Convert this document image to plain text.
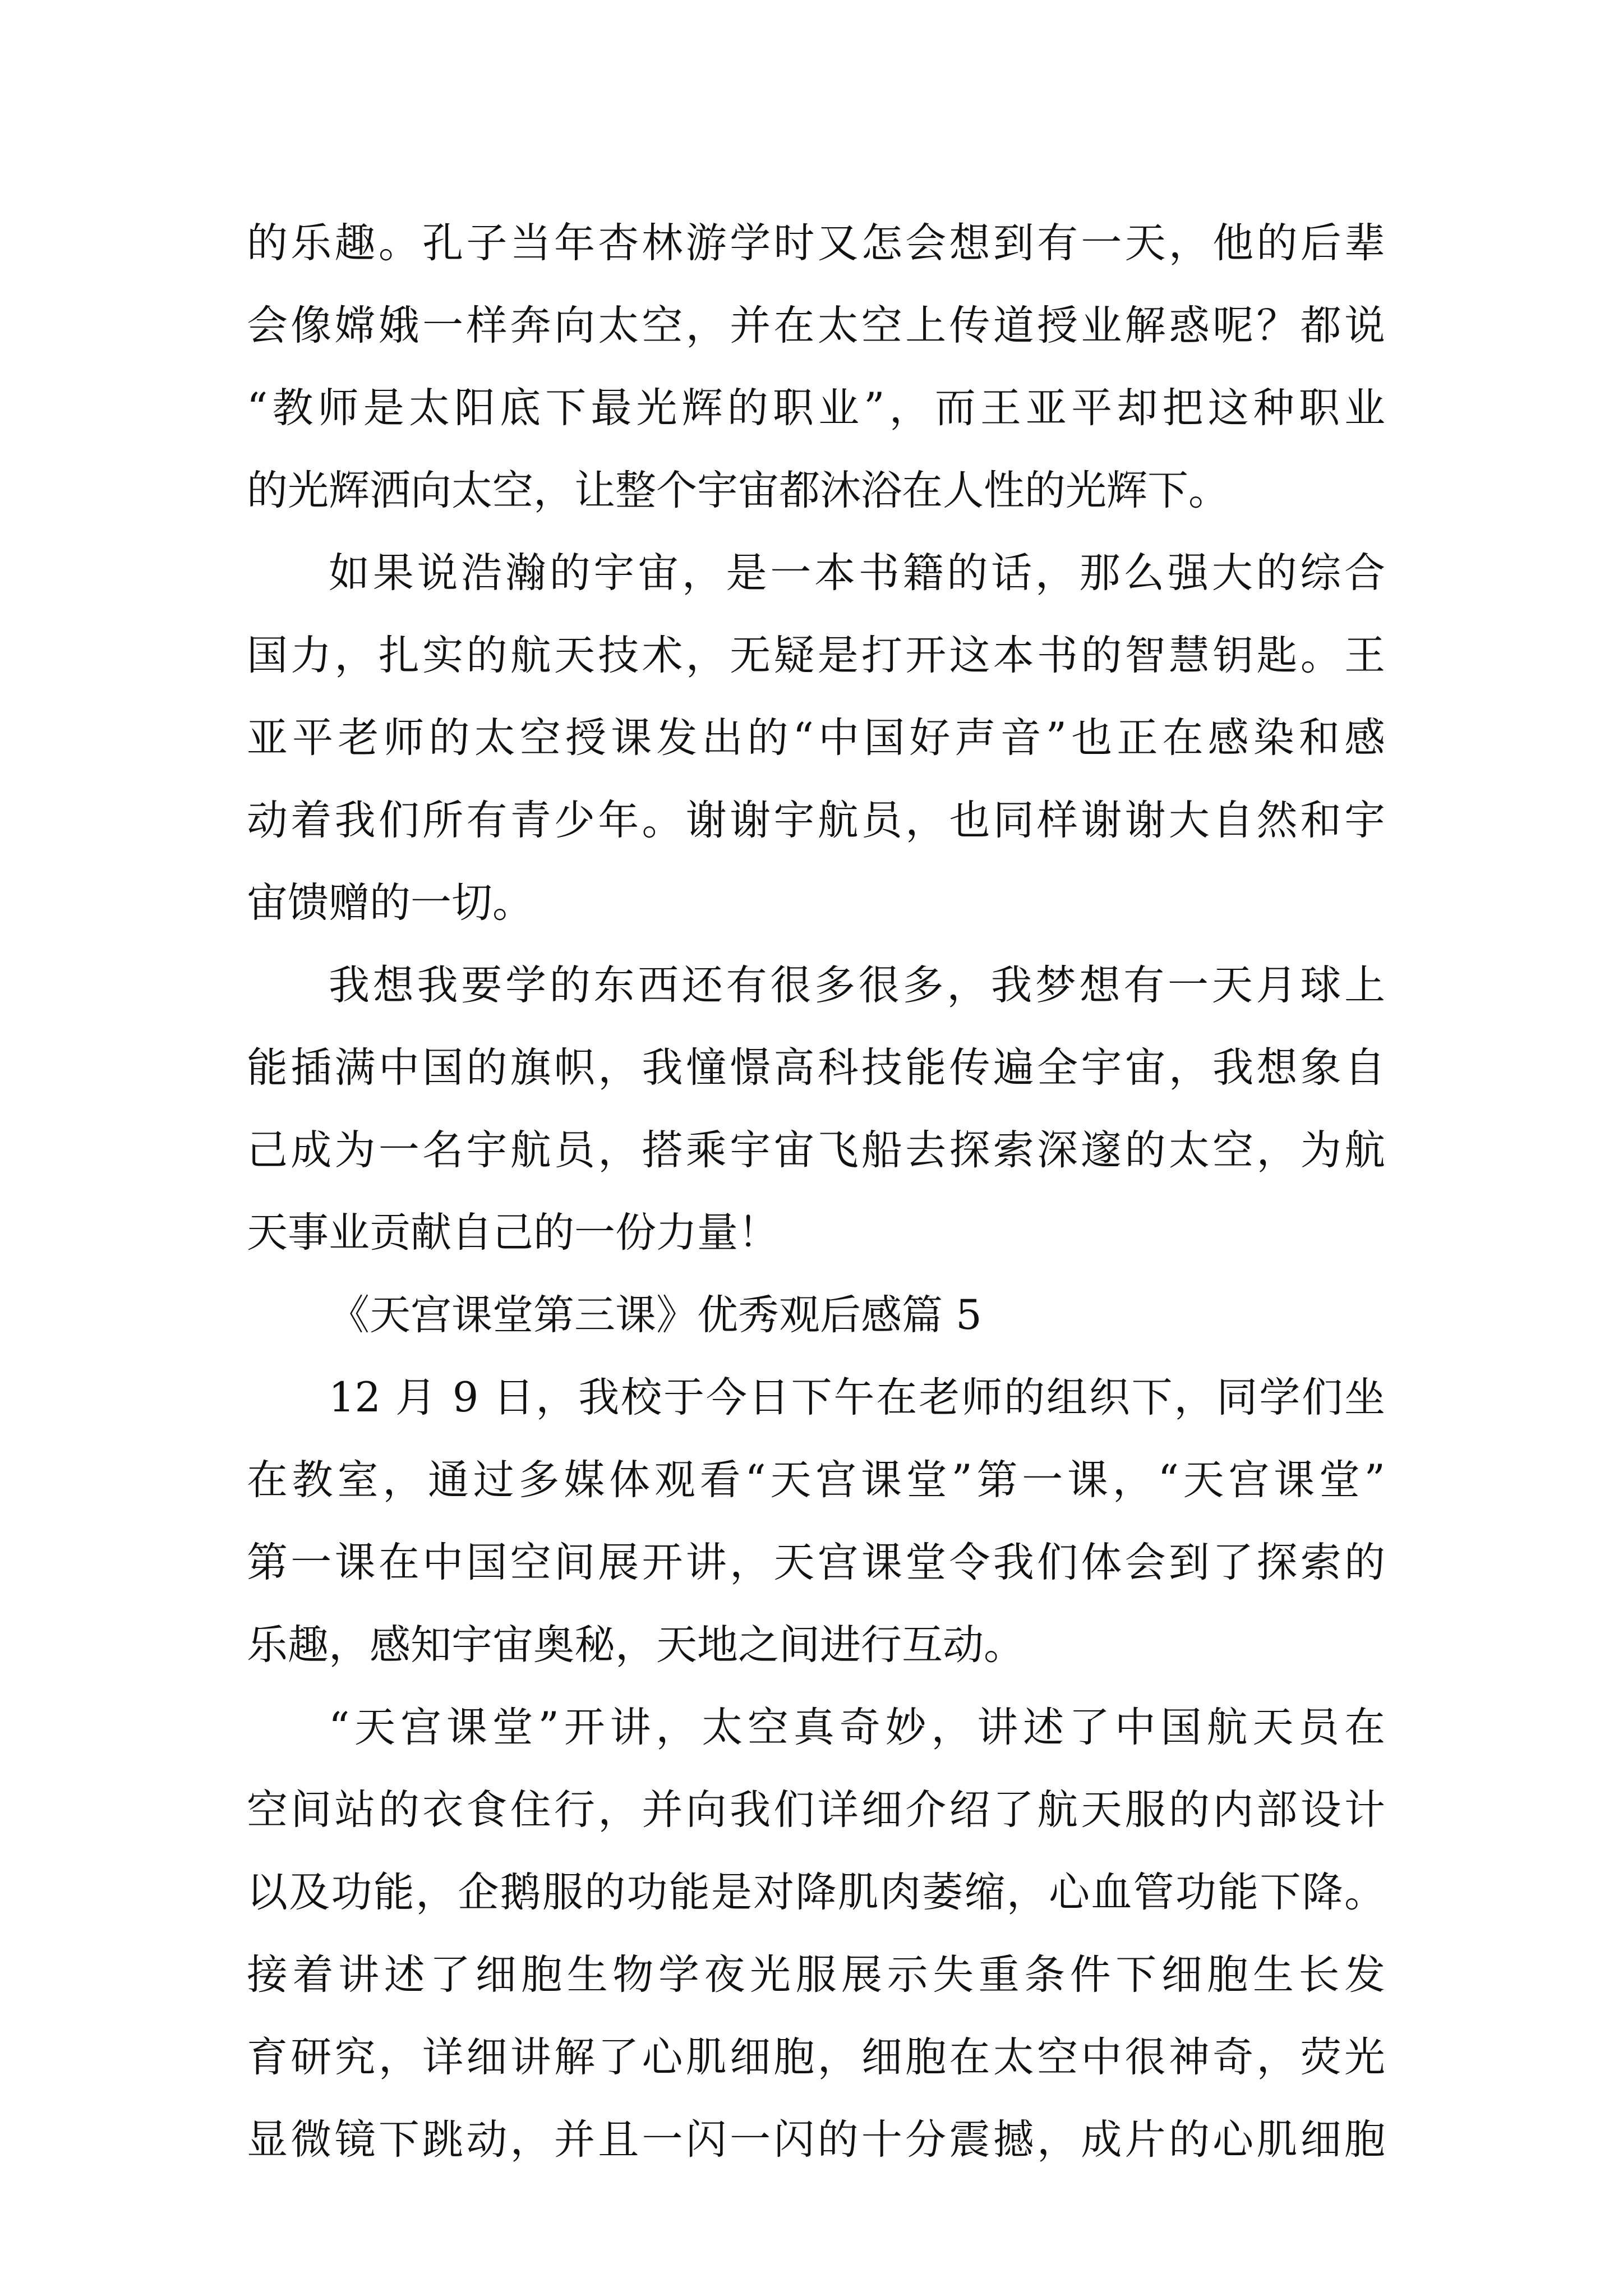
的乐趣。孔子当年杏林游学时又怎会想到有一天，他的后辈
会像嫦娥一样奔向太空，并在太空上传道授业解惑呢？都说
“教师是太阳底下最光辉的职业”，而王亚平却把这种职业
的光辉洒向太空，让整个宇宙都沐浴在人性的光辉下。
如果说浩瀚的宇宙，是一本书籍的话，那么强大的综合
国力，扎实的航天技术，无疑是打开这本书的智慧钥匙。王
亚平老师的太空授课发出的“中国好声音”也正在感染和感
动着我们所有青少年。谢谢宇航员，也同样谢谢大自然和宇
宙馈赠的一切。
我想我要学的东西还有很多很多，我梦想有一天月球上
能插满中国的旗帜，我憧憬高科技能传遍全宇宙，我想象自
己成为一名宇航员，搭乘宇宙飞船去探索深邃的太空，为航
天事业贡献自己的一份力量！
《天宫课堂第三课》优秀观后感篇 5
12 月 9 日，我校于今日下午在老师的组织下，同学们坐
在教室，通过多媒体观看“天宫课堂”第一课，“天宫课堂”
第一课在中国空间展开讲，天宫课堂令我们体会到了探索的
乐趣，感知宇宙奥秘，天地之间进行互动。
“天宫课堂”开讲，太空真奇妙，讲述了中国航天员在
空间站的衣食住行，并向我们详细介绍了航天服的内部设计
以及功能，企鹅服的功能是对降肌肉萎缩，心血管功能下降。
接着讲述了细胞生物学夜光服展示失重条件下细胞生长发
育研究，详细讲解了心肌细胞，细胞在太空中很神奇，荧光
显微镜下跳动，并且一闪一闪的十分震撼，成片的心肌细胞
